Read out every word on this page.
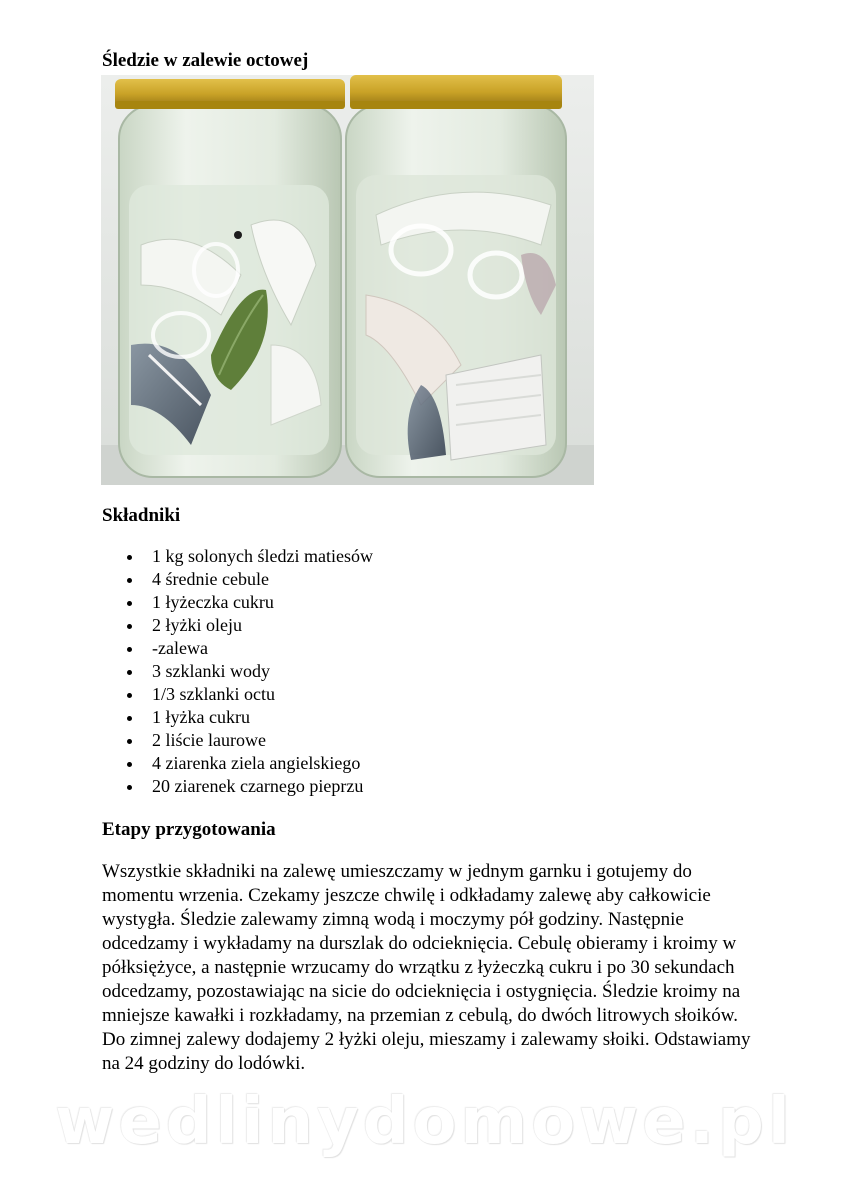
Śledzie w zalewie octowej
mojegotowanie.pl
Składniki
1 kg solonych śledzi matiesów
4 średnie cebule
1 łyżeczka cukru
2 łyżki oleju
-zalewa
3 szklanki wody
1/3 szklanki octu
1 łyżka cukru
2 liście laurowe
4 ziarenka ziela angielskiego
20 ziarenek czarnego pieprzu
Etapy przygotowania

Wszystkie składniki na zalewę umieszczamy w jednym garnku i gotujemy do momentu wrzenia. Czekamy jeszcze chwilę i odkładamy zalewę aby całkowicie wystygła. Śledzie zalewamy zimną wodą i moczymy pół godziny. Następnie odcedzamy i wykładamy na durszlak do odcieknięcia. Cebulę obieramy i kroimy w półksiężyce, a następnie wrzucamy do wrzątku z łyżeczką cukru i po 30 sekundach odcedzamy, pozostawiając na sicie do odcieknięcia i ostygnięcia. Śledzie kroimy na mniejsze kawałki i rozkładamy, na przemian z cebulą, do dwóch litrowych słoików. Do zimnej zalewy dodajemy 2 łyżki oleju, mieszamy i zalewamy słoiki. Odstawiamy na 24 godziny do lodówki.

wedlinydomowe.pl
